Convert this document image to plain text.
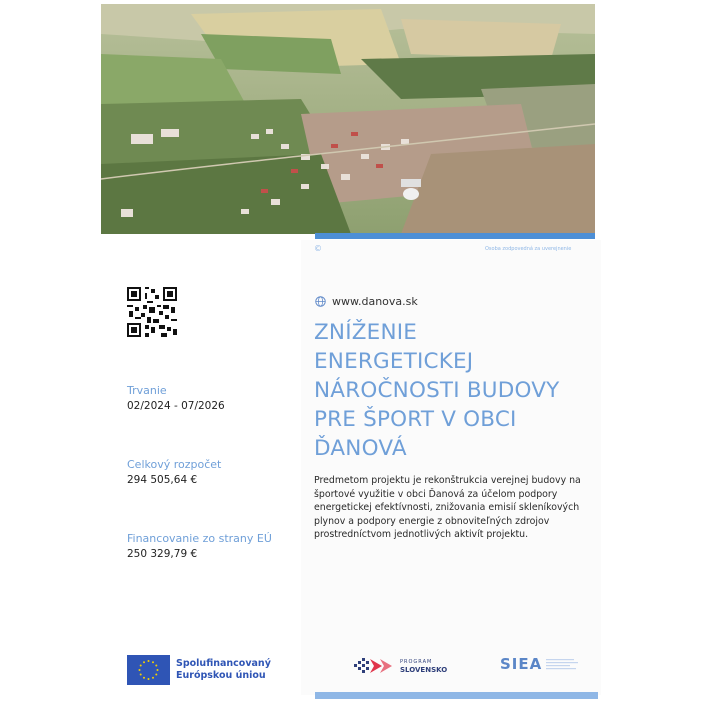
©	Osoba zodpovedná za uverejnenie
www.danova.sk
ZNÍŽENIE
ENERGETICKEJ
NÁROČNOSTI BUDOVY
PRE ŠPORT V OBCI
ĎANOVÁ
Predmetom projektu je rekonštrukcia verejnej budovy na športové využitie v obci Ďanová za účelom podpory energetickej efektívnosti, znižovania emisií skleníkových plynov a podpory energie z obnoviteľných zdrojov prostredníctvom jednotlivých aktivít projektu.
Trvanie
02/2024 - 07/2026
Celkový rozpočet
294 505,64 €
Financovanie zo strany EÚ
250 329,79 €
Spolufinancovaný
Európskou úniou
PROGRAM
SLOVENSKO	SIEA
